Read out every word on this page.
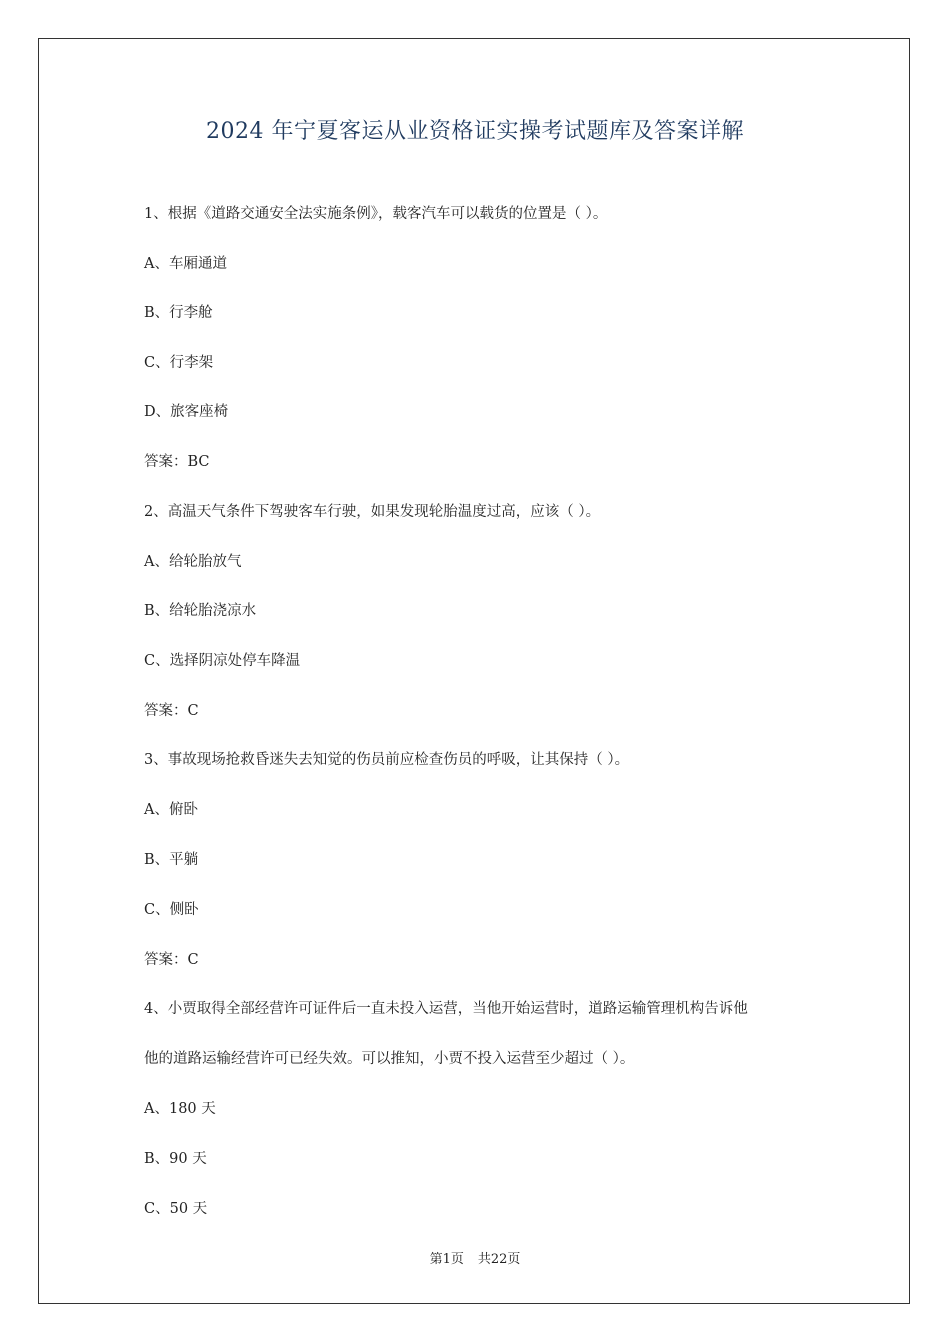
2024 年宁夏客运从业资格证实操考试题库及答案详解
1、根据《道路交通安全法实施条例》，载客汽车可以载货的位置是（ ）。
A、车厢通道
B、行李舱
C、行李架
D、旅客座椅
答案：BC
2、高温天气条件下驾驶客车行驶，如果发现轮胎温度过高，应该（ ）。
A、给轮胎放气
B、给轮胎浇凉水
C、选择阴凉处停车降温
答案：C
3、事故现场抢救昏迷失去知觉的伤员前应检查伤员的呼吸，让其保持（ ）。
A、俯卧
B、平躺
C、侧卧
答案：C
4、小贾取得全部经营许可证件后一直未投入运营，当他开始运营时，道路运输管理机构告诉他
他的道路运输经营许可已经失效。可以推知，小贾不投入运营至少超过（ ）。
A、180 天
B、90 天
C、50 天
第1页 共22页
